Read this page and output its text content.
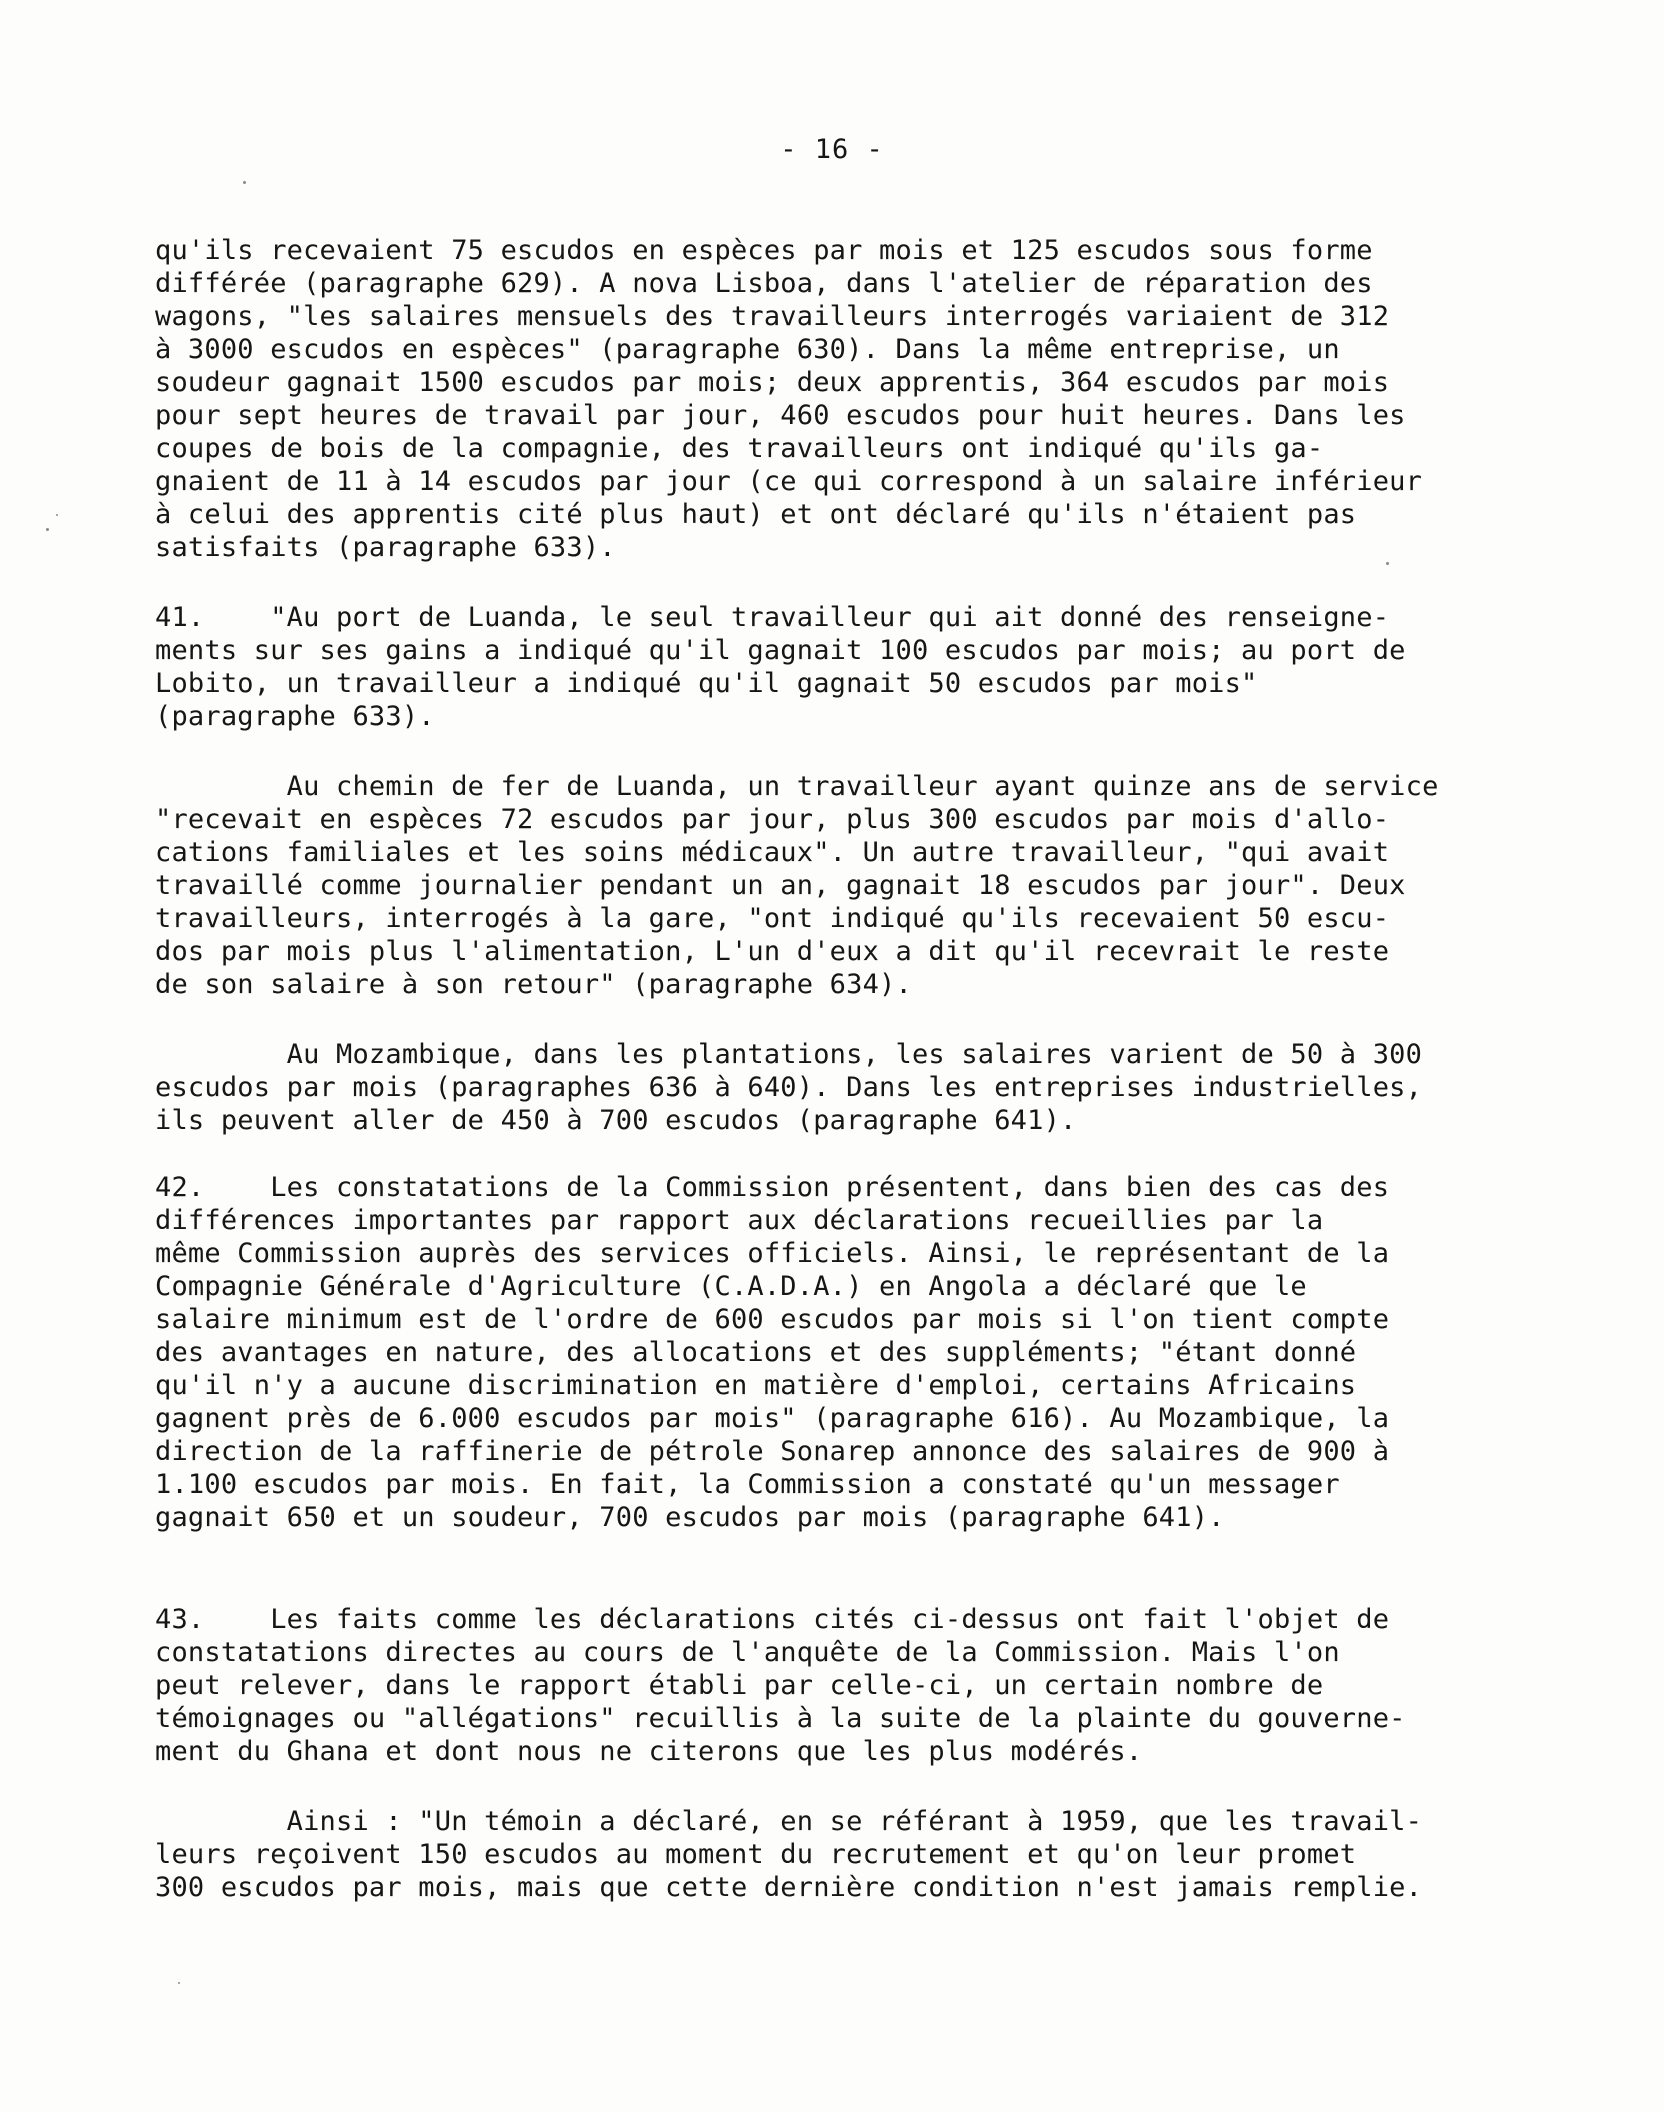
- 16 -
qu'ils recevaient 75 escudos en espèces par mois et 125 escudos sous forme
différée (paragraphe 629). A nova Lisboa, dans l'atelier de réparation des
wagons, "les salaires mensuels des travailleurs interrogés variaient de 312
à 3000 escudos en espèces" (paragraphe 630). Dans la même entreprise, un
soudeur gagnait 1500 escudos par mois; deux apprentis, 364 escudos par mois
pour sept heures de travail par jour, 460 escudos pour huit heures. Dans les
coupes de bois de la compagnie, des travailleurs ont indiqué qu'ils ga-
gnaient de 11 à 14 escudos par jour (ce qui correspond à un salaire inférieur
à celui des apprentis cité plus haut) et ont déclaré qu'ils n'étaient pas
satisfaits (paragraphe 633).
41.    "Au port de Luanda, le seul travailleur qui ait donné des renseigne-
ments sur ses gains a indiqué qu'il gagnait 100 escudos par mois; au port de
Lobito, un travailleur a indiqué qu'il gagnait 50 escudos par mois"
(paragraphe 633).
Au chemin de fer de Luanda, un travailleur ayant quinze ans de service
"recevait en espèces 72 escudos par jour, plus 300 escudos par mois d'allo-
cations familiales et les soins médicaux". Un autre travailleur, "qui avait
travaillé comme journalier pendant un an, gagnait 18 escudos par jour". Deux
travailleurs, interrogés à la gare, "ont indiqué qu'ils recevaient 50 escu-
dos par mois plus l'alimentation, L'un d'eux a dit qu'il recevrait le reste
de son salaire à son retour" (paragraphe 634).
Au Mozambique, dans les plantations, les salaires varient de 50 à 300
escudos par mois (paragraphes 636 à 640). Dans les entreprises industrielles,
ils peuvent aller de 450 à 700 escudos (paragraphe 641).
42.    Les constatations de la Commission présentent, dans bien des cas des
différences importantes par rapport aux déclarations recueillies par la
même Commission auprès des services officiels. Ainsi, le représentant de la
Compagnie Générale d'Agriculture (C.A.D.A.) en Angola a déclaré que le
salaire minimum est de l'ordre de 600 escudos par mois si l'on tient compte
des avantages en nature, des allocations et des suppléments; "étant donné
qu'il n'y a aucune discrimination en matière d'emploi, certains Africains
gagnent près de 6.000 escudos par mois" (paragraphe 616). Au Mozambique, la
direction de la raffinerie de pétrole Sonarep annonce des salaires de 900 à
1.100 escudos par mois. En fait, la Commission a constaté qu'un messager
gagnait 650 et un soudeur, 700 escudos par mois (paragraphe 641).
43.    Les faits comme les déclarations cités ci-dessus ont fait l'objet de
constatations directes au cours de l'anquête de la Commission. Mais l'on
peut relever, dans le rapport établi par celle-ci, un certain nombre de
témoignages ou "allégations" recuillis à la suite de la plainte du gouverne-
ment du Ghana et dont nous ne citerons que les plus modérés.
Ainsi : "Un témoin a déclaré, en se référant à 1959, que les travail-
leurs reçoivent 150 escudos au moment du recrutement et qu'on leur promet
300 escudos par mois, mais que cette dernière condition n'est jamais remplie.
